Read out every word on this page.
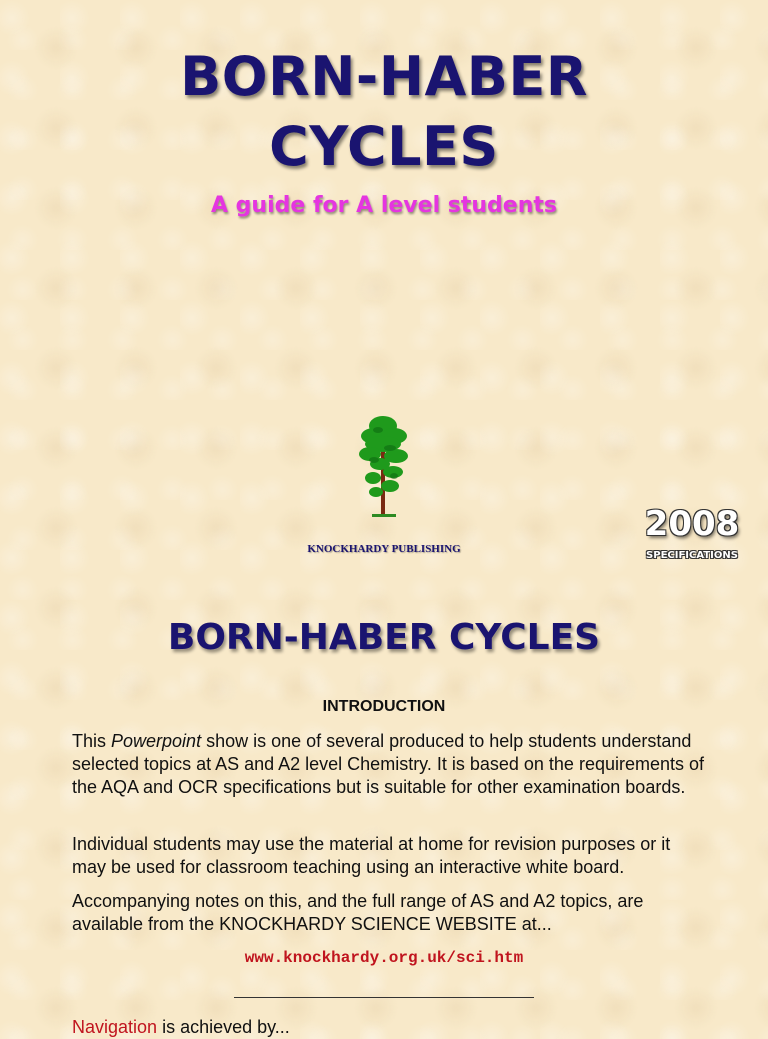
BORN-HABER
CYCLES
A guide for A level students
KNOCKHARDY PUBLISHING
2008
SPECIFICATIONS
BORN-HABER CYCLES
INTRODUCTION

This Powerpoint show is one of several produced to help students understand selected topics at AS and A2 level Chemistry. It is based on the requirements of the AQA and OCR specifications but is suitable for other examination boards.

Individual students may use the material at home for revision purposes or it may be used for classroom teaching using an interactive white board.

Accompanying notes on this, and the full range of AS and A2 topics, are available from the KNOCKHARDY SCIENCE WEBSITE at...

www.knockhardy.org.uk/sci.htm
Navigation is achieved by...
